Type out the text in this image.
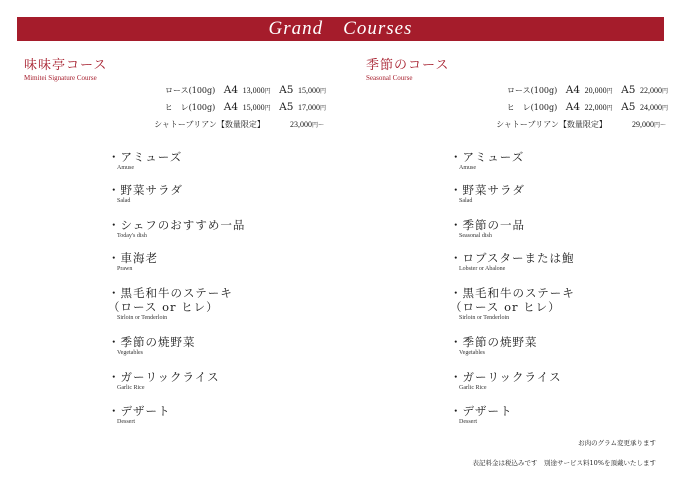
Grand　Courses
味味亭コース
Mimitei Signature Course
ロース(100g) A4 13,000円 A5 15,000円
ヒ　レ(100g) A4 15,000円 A5 17,000円
シャトーブリアン【数量限定】	23,000円～
・アミューズ
Amuse
・野菜サラダ
Salad
・シェフのおすすめ一品
Today's dish
・車海老
Prawn
・黒毛和牛のステーキ
（ロース or ヒレ）
Sirloin or Tenderloin
・季節の焼野菜
Vegetables
・ガーリックライス
Garlic Rice
・デザート
Dessert
季節のコース
Seasonal Course
ロース(100g) A4 20,000円 A5 22,000円
ヒ　レ(100g) A4 22,000円 A5 24,000円
シャトーブリアン【数量限定】	29,000円～
・アミューズ
Amuse
・野菜サラダ
Salad
・季節の一品
Seasonal dish
・ロブスターまたは鮑
Lobster or Abalone
・黒毛和牛のステーキ
（ロース or ヒレ）
Sirloin or Tenderloin
・季節の焼野菜
Vegetables
・ガーリックライス
Garlic Rice
・デザート
Dessert
お肉のグラム変更承ります
表記料金は税込みです　別途サービス料10%を頂戴いたします
